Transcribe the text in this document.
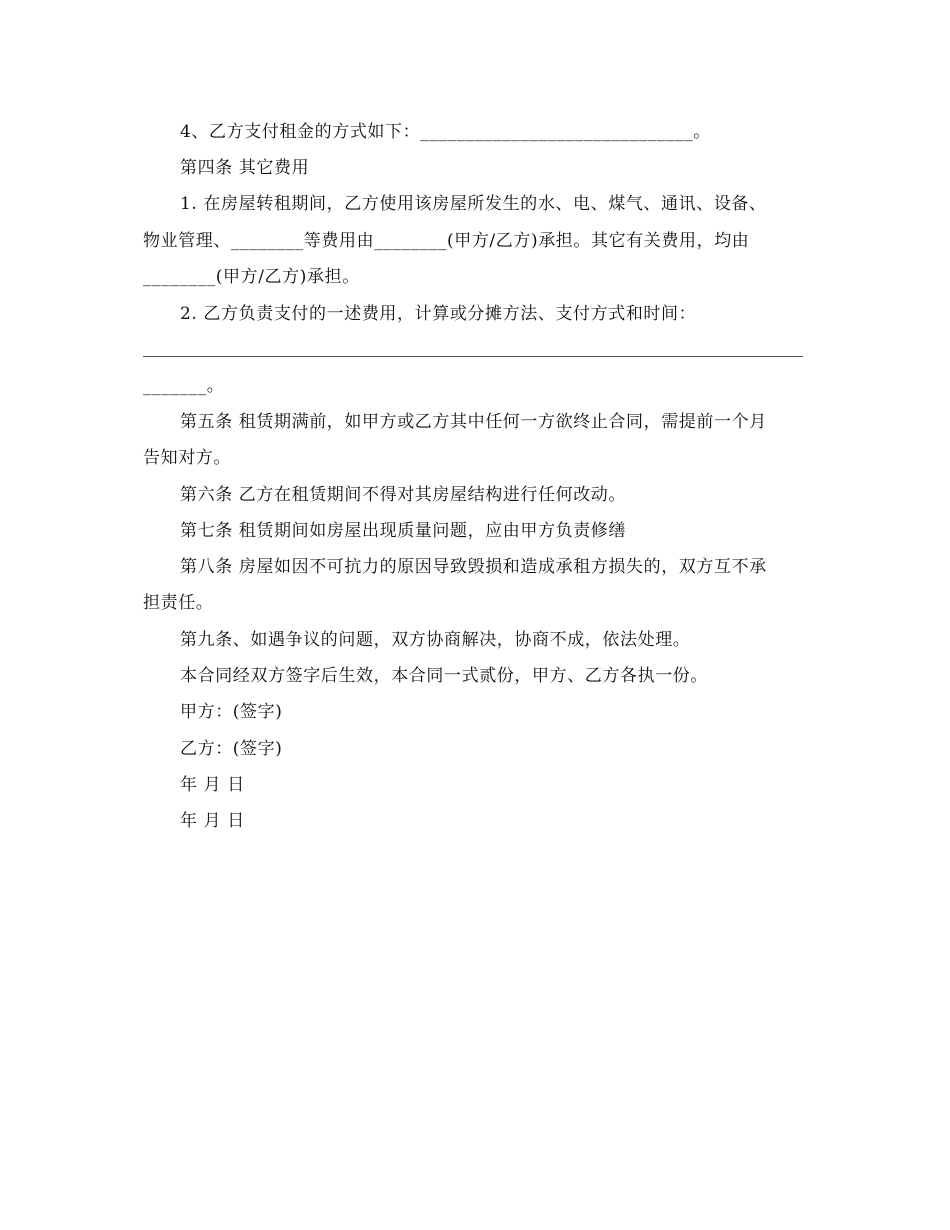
4、乙方支付租金的方式如下：______________________________。
第四条 其它费用
1. 在房屋转租期间，乙方使用该房屋所发生的水、电、煤气、通讯、设备、
物业管理、________等费用由________(甲方/乙方)承担。其它有关费用，均由
________(甲方/乙方)承担。
2. 乙方负责支付的一述费用，计算或分摊方法、支付方式和时间：
_______。
第五条 租赁期满前，如甲方或乙方其中任何一方欲终止合同，需提前一个月
告知对方。
第六条 乙方在租赁期间不得对其房屋结构进行任何改动。
第七条 租赁期间如房屋出现质量问题，应由甲方负责修缮
第八条 房屋如因不可抗力的原因导致毁损和造成承租方损失的，双方互不承
担责任。
第九条、如遇争议的问题，双方协商解决，协商不成，依法处理。
本合同经双方签字后生效，本合同一式贰份，甲方、乙方各执一份。
甲方：(签字)
乙方：(签字)
年 月 日
年 月 日
